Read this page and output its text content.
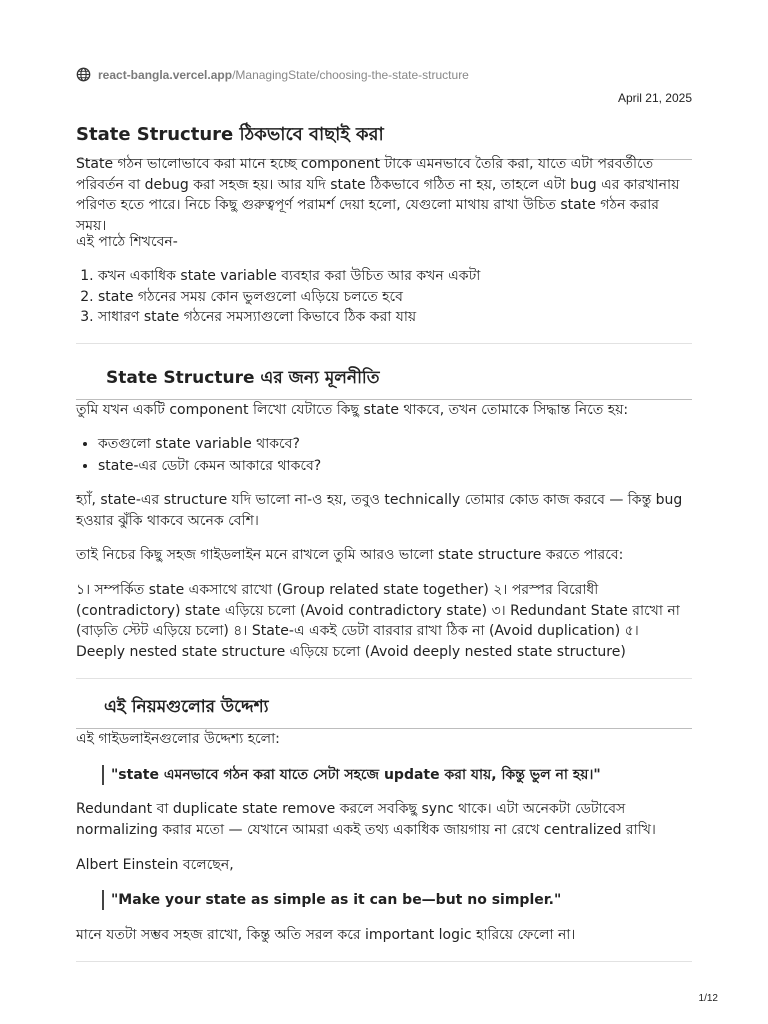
react-bangla.vercel.app /ManagingState/choosing-the-state-structure
April 21, 2025
State Structure ঠিকভাবে বাছাই করা

State গঠন ভালোভাবে করা মানে হচ্ছে component টাকে এমনভাবে তৈরি করা, যাতে এটা পরবর্তীতে পরিবর্তন বা debug করা সহজ হয়। আর যদি state ঠিকভাবে গঠিত না হয়, তাহলে এটা bug এর কারখানায় পরিণত হতে পারে। নিচে কিছু গুরুত্বপূর্ণ পরামর্শ দেয়া হলো, যেগুলো মাথায় রাখা উচিত state গঠন করার সময়।

এই পাঠে শিখবেন-

1. কখন একাধিক state variable ব্যবহার করা উচিত আর কখন একটা
2. state গঠনের সময় কোন ভুলগুলো এড়িয়ে চলতে হবে
3. সাধারণ state গঠনের সমস্যাগুলো কিভাবে ঠিক করা যায়
State Structure এর জন্য মূলনীতি

তুমি যখন একটি component লিখো যেটাতে কিছু state থাকবে, তখন তোমাকে সিদ্ধান্ত নিতে হয়:

• কতগুলো state variable থাকবে?
• state-এর ডেটা কেমন আকারে থাকবে?

হ্যাঁ, state-এর structure যদি ভালো না-ও হয়, তবুও technically তোমার কোড কাজ করবে — কিন্তু bug হওয়ার ঝুঁকি থাকবে অনেক বেশি।

তাই নিচের কিছু সহজ গাইডলাইন মনে রাখলে তুমি আরও ভালো state structure করতে পারবে:

১। সম্পর্কিত state একসাথে রাখো (Group related state together) ২। পরস্পর বিরোধী (contradictory) state এড়িয়ে চলো (Avoid contradictory state) ৩। Redundant State রাখো না (বাড়তি স্টেট এড়িয়ে চলো) ৪। State-এ একই ডেটা বারবার রাখা ঠিক না (Avoid duplication) ৫। Deeply nested state structure এড়িয়ে চলো (Avoid deeply nested state structure)

এই নিয়মগুলোর উদ্দেশ্য

এই গাইডলাইনগুলোর উদ্দেশ্য হলো:

"state এমনভাবে গঠন করা যাতে সেটা সহজে update করা যায়, কিন্তু ভুল না হয়।"

Redundant বা duplicate state remove করলে সবকিছু sync থাকে। এটা অনেকটা ডেটাবেস normalizing করার মতো — যেখানে আমরা একই তথ্য একাধিক জায়গায় না রেখে centralized রাখি।

Albert Einstein বলেছেন,

"Make your state as simple as it can be—but no simpler."

মানে যতটা সম্ভব সহজ রাখো, কিন্তু অতি সরল করে important logic হারিয়ে ফেলো না।

1/12
